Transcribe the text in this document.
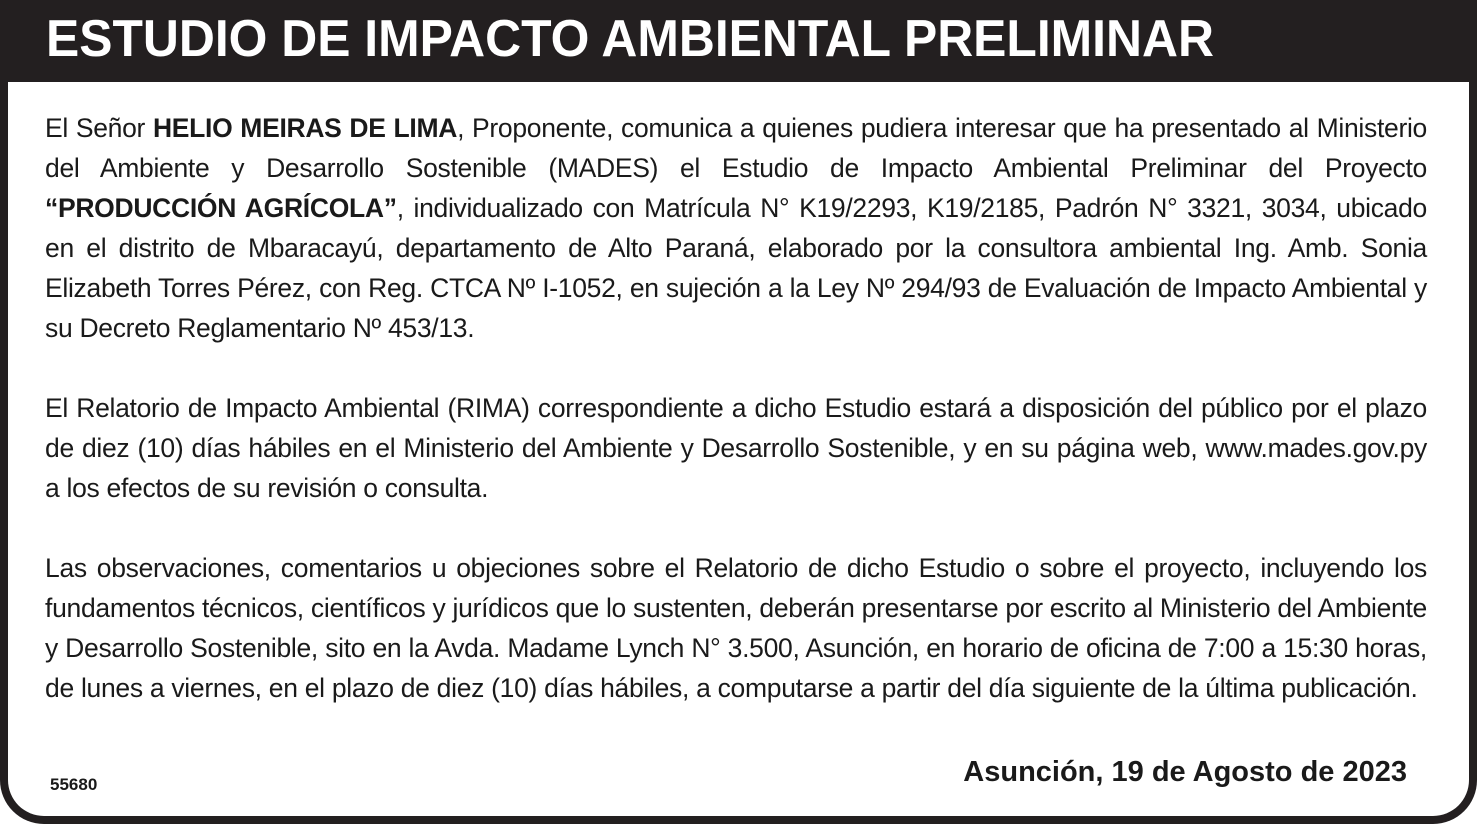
ESTUDIO DE IMPACTO AMBIENTAL PRELIMINAR

El Señor HELIO MEIRAS DE LIMA, Proponente, comunica a quienes pudiera interesar que ha presentado al Ministerio del Ambiente y Desarrollo Sostenible (MADES) el Estudio de Impacto Ambiental Preliminar del Proyecto “PRODUCCIÓN AGRÍCOLA”, individualizado con Matrícula N° K19/2293, K19/2185, Padrón N° 3321, 3034, ubicado en el distrito de Mbaracayú, departamento de Alto Paraná, elaborado por la consultora ambiental Ing. Amb. Sonia Elizabeth Torres Pérez, con Reg. CTCA Nº I-1052, en sujeción a la Ley Nº 294/93 de Evaluación de Impacto Ambiental y su Decreto Reglamentario Nº 453/13.

El Relatorio de Impacto Ambiental (RIMA) correspondiente a dicho Estudio estará a disposición del público por el plazo de diez (10) días hábiles en el Ministerio del Ambiente y Desarrollo Sostenible, y en su página web, www.mades.gov.py a los efectos de su revisión o consulta.

Las observaciones, comentarios u objeciones sobre el Relatorio de dicho Estudio o sobre el proyecto, incluyendo los fundamentos técnicos, científicos y jurídicos que lo sustenten, deberán presentarse por escrito al Ministerio del Ambiente y Desarrollo Sostenible, sito en la Avda. Madame Lynch N° 3.500, Asunción, en horario de oficina de 7:00 a 15:30 horas, de lunes a viernes, en el plazo de diez (10) días hábiles, a computarse a partir del día siguiente de la última publicación.

Asunción, 19 de Agosto de 2023
55680
